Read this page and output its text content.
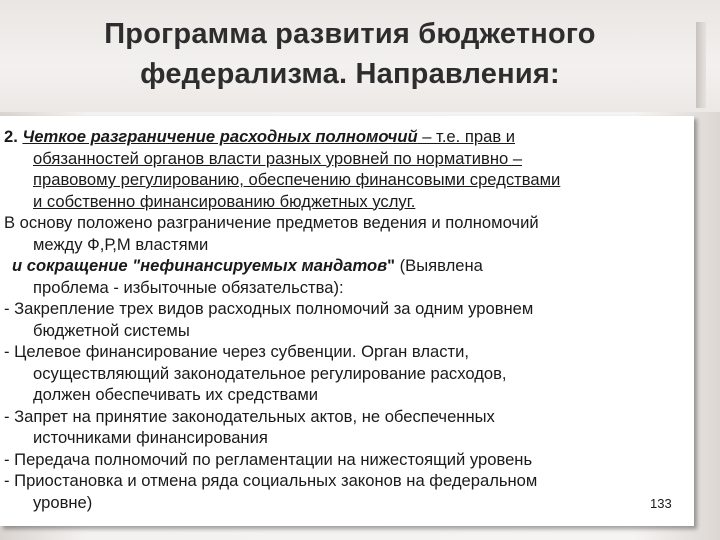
Программа развития бюджетного
федерализма. Направления:
2. Четкое разграничение расходных полномочий – т.е. прав и
обязанностей органов власти разных уровней по нормативно –
правовому регулированию, обеспечению финансовыми средствами
и собственно финансированию бюджетных услуг.
В основу положено разграничение предметов ведения и полномочий
между Ф,Р,М властями
и сокращение "нефинансируемых мандатов" (Выявлена
проблема - избыточные обязательства):
- Закрепление трех видов расходных полномочий за одним уровнем
бюджетной системы
- Целевое финансирование через субвенции. Орган власти,
осуществляющий законодательное регулирование расходов,
должен обеспечивать их средствами
- Запрет на принятие законодательных актов, не обеспеченных
источниками финансирования
- Передача полномочий по регламентации на нижестоящий уровень
- Приостановка и отмена ряда социальных законов на федеральном
уровне)	133
